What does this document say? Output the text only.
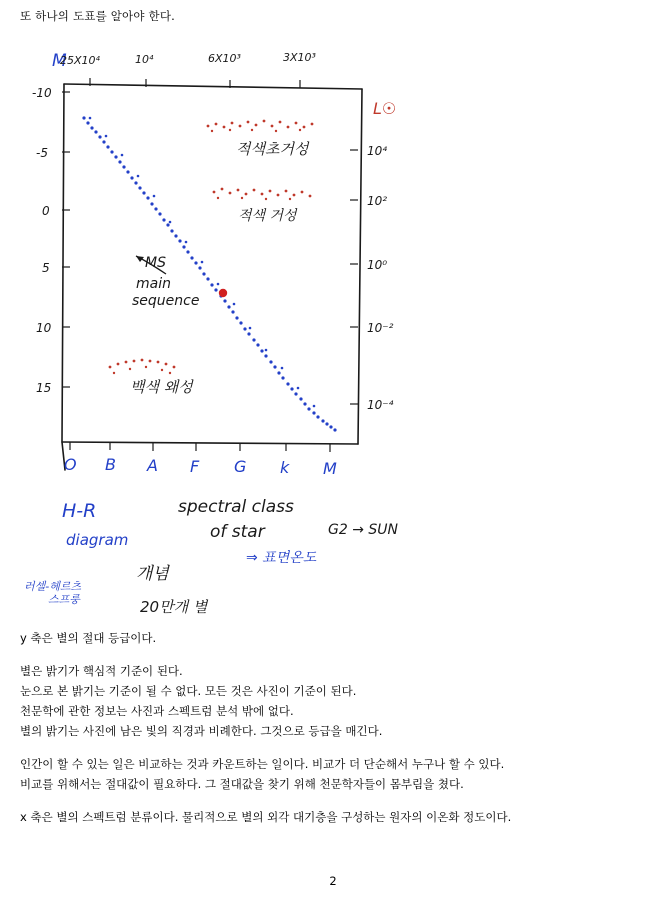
또 하나의 도표를 알아야 한다.
M
L☉
-10
-5
0
5
10
15
25X10⁴	10⁴	6X10³	3X10³
10⁴
10²
10⁰
10⁻²
10⁻⁴
O B A F G k M
적색초거성
적색 거성
MS
main
sequence
백색 왜성
H-R
diagram
러셀-헤르츠
스프룽
spectral class
of star
⇒ 표면온도
G2 → SUN
개념
20만개 별

y 축은 별의 절대 등급이다.

별은 밝기가 핵심적 기준이 된다.

눈으로 본 밝기는 기준이 될 수 없다. 모든 것은 사진이 기준이 된다.

천문학에 관한 정보는 사진과 스펙트럼 분석 밖에 없다.

별의 밝기는 사진에 남은 빛의 직경과 비례한다. 그것으로 등급을 매긴다.

인간이 할 수 있는 일은 비교하는 것과 카운트하는 일이다. 비교가 더 단순해서 누구나 할 수 있다.

비교를 위해서는 절대값이 필요하다. 그 절대값을 찾기 위해 천문학자들이 몸부림을 쳤다.

x 축은 별의 스펙트럼 분류이다. 물리적으로 별의 외각 대기층을 구성하는 원자의 이온화 정도이다.

2
